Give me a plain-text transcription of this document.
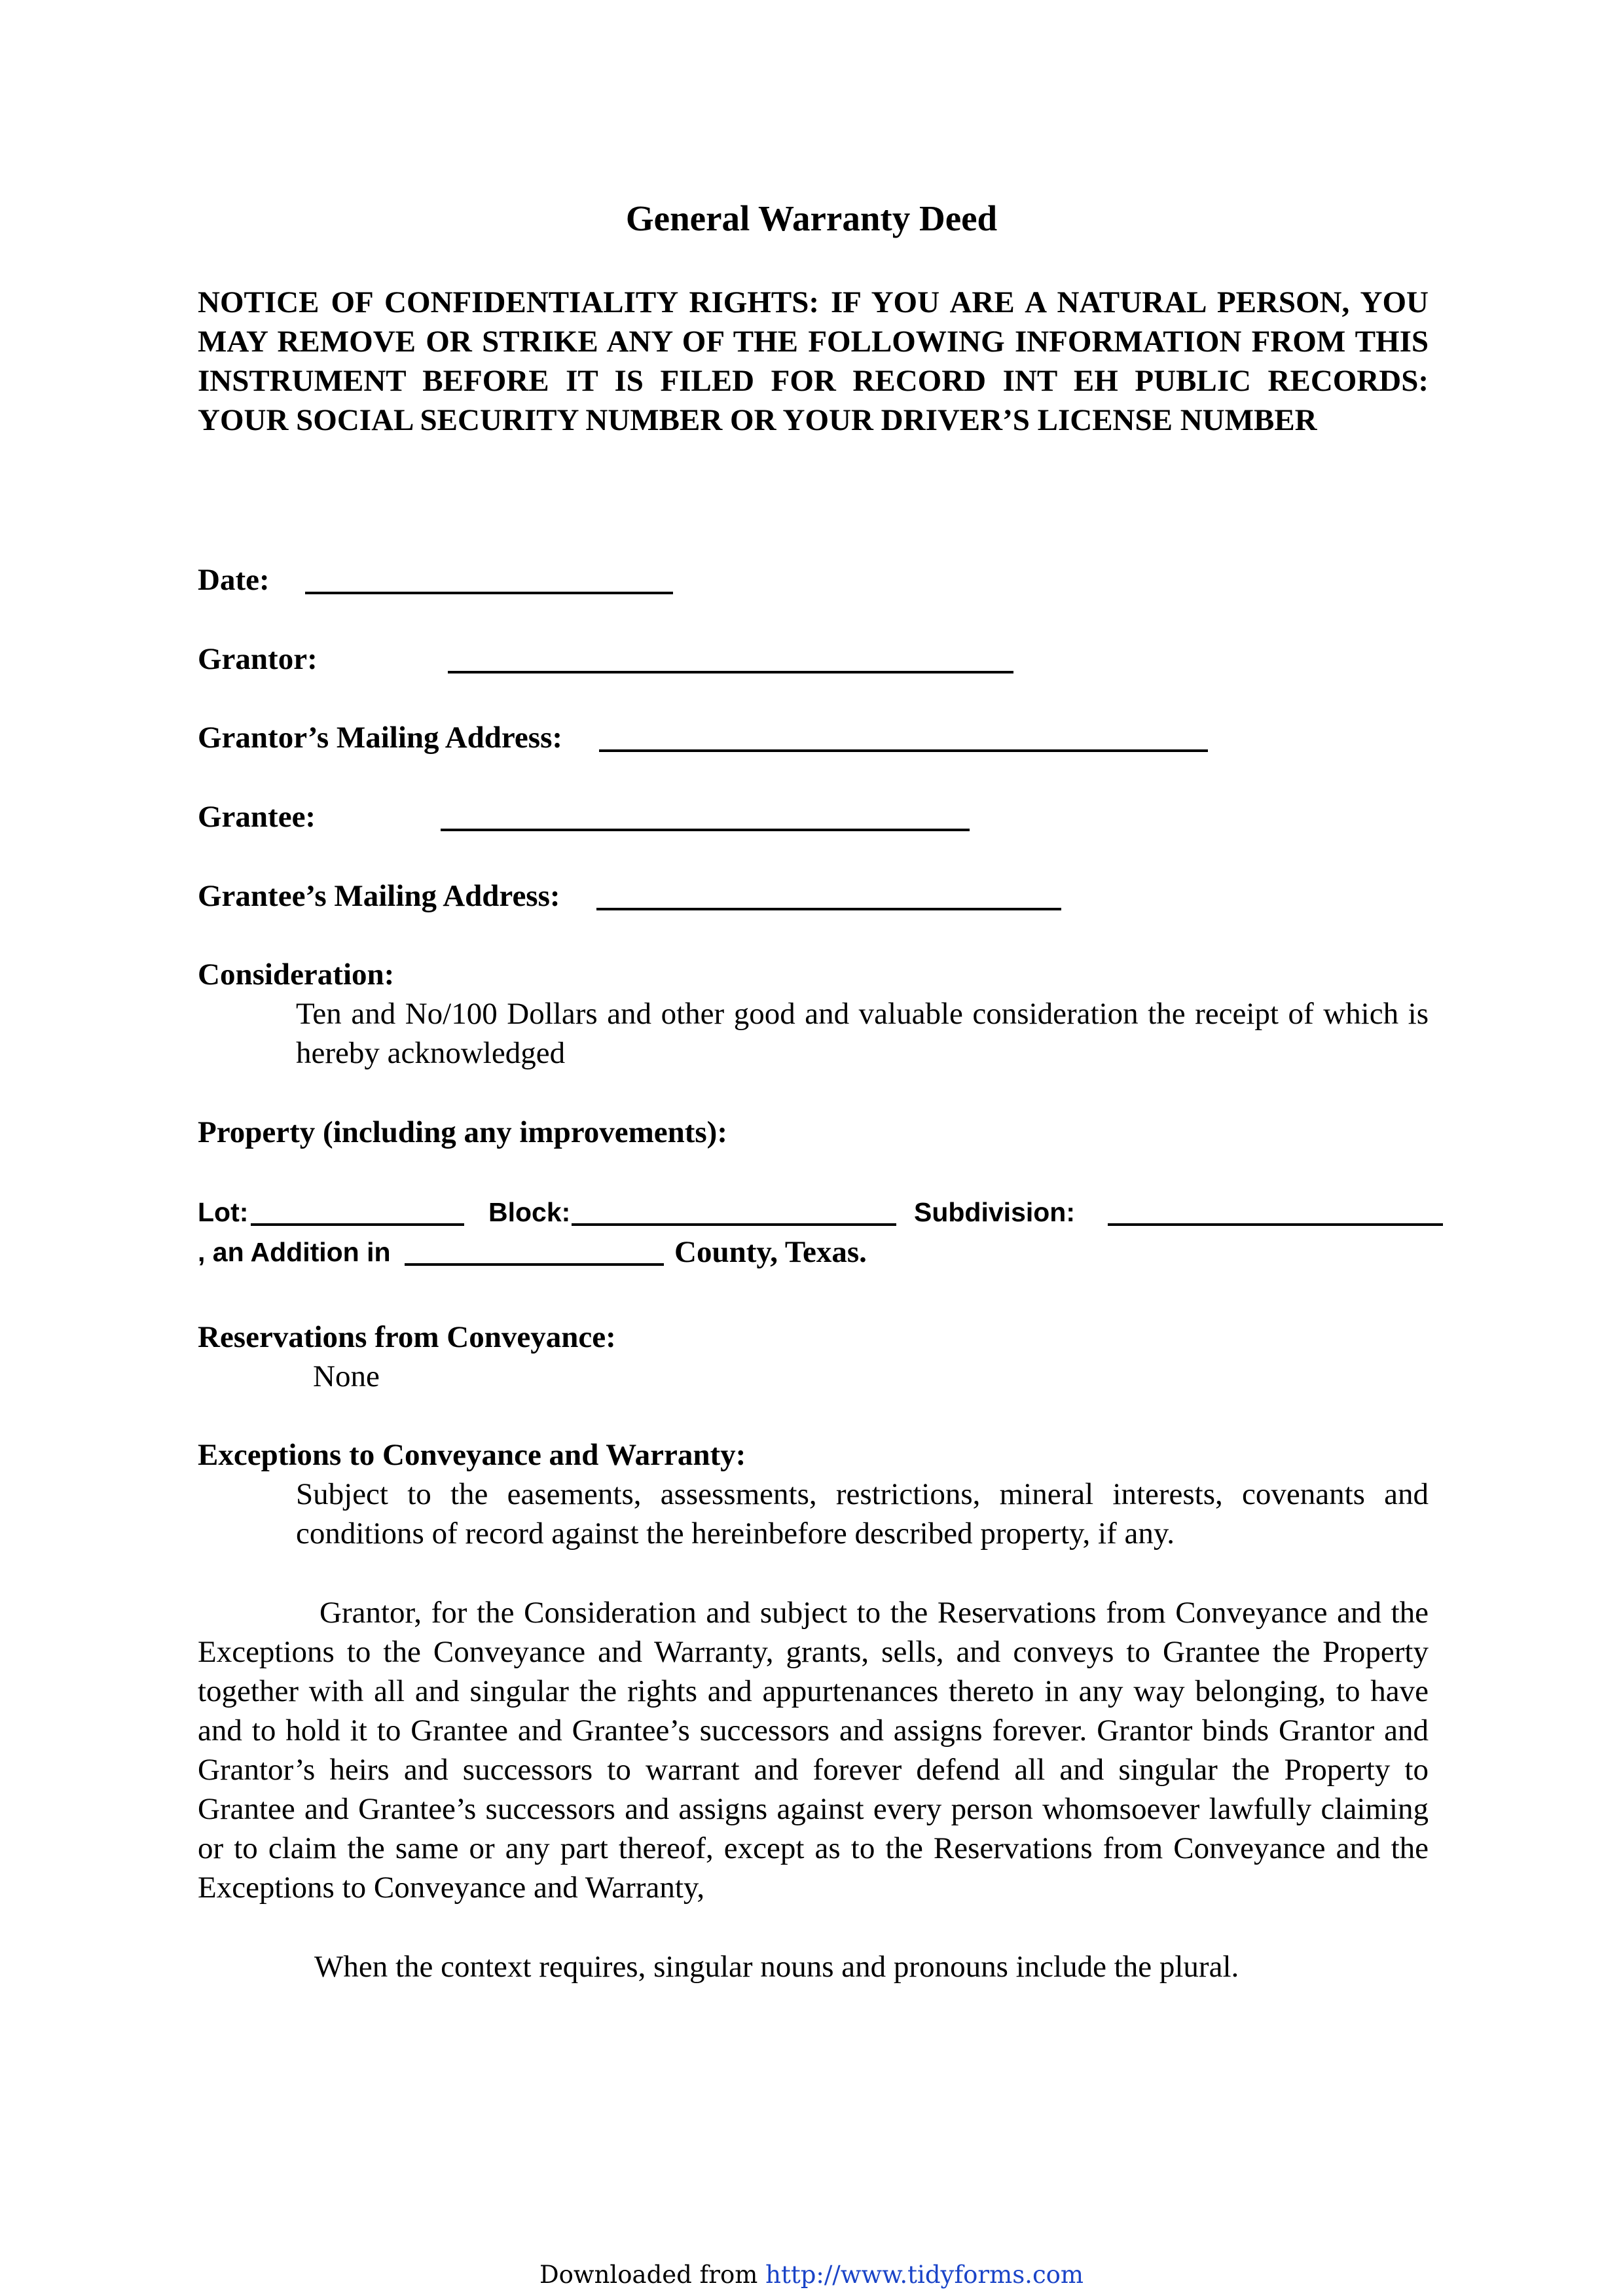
General Warranty Deed
NOTICE OF CONFIDENTIALITY RIGHTS: IF YOU ARE A NATURAL PERSON, YOU MAY REMOVE OR STRIKE ANY OF THE FOLLOWING INFORMATION FROM THIS INSTRUMENT BEFORE IT IS FILED FOR RECORD INT EH PUBLIC RECORDS: YOUR SOCIAL SECURITY NUMBER OR YOUR DRIVER’S LICENSE NUMBER
Date:
Grantor:
Grantor’s Mailing Address:
Grantee:
Grantee’s Mailing Address:
Consideration:
Ten and No/100 Dollars and other good and valuable consideration the receipt of which is hereby acknowledged
Property (including any improvements):
Lot:	Block:	Subdivision:
, an Addition in	County, Texas.
Reservations from Conveyance:
None
Exceptions to Conveyance and Warranty:
Subject to the easements, assessments, restrictions, mineral interests, covenants and conditions of record against the hereinbefore described property, if any.
Grantor, for the Consideration and subject to the Reservations from Conveyance and the Exceptions to the Conveyance and Warranty, grants, sells, and conveys to Grantee the Property together with all and singular the rights and appurtenances thereto in any way belonging, to have and to hold it to Grantee and Grantee’s successors and assigns forever. Grantor binds Grantor and Grantor’s heirs and successors to warrant and forever defend all and singular the Property to Grantee and Grantee’s successors and assigns against every person whomsoever lawfully claiming or to claim the same or any part thereof, except as to the Reservations from Conveyance and the Exceptions to Conveyance and Warranty,
When the context requires, singular nouns and pronouns include the plural.
Downloaded from http://www.tidyforms.com
